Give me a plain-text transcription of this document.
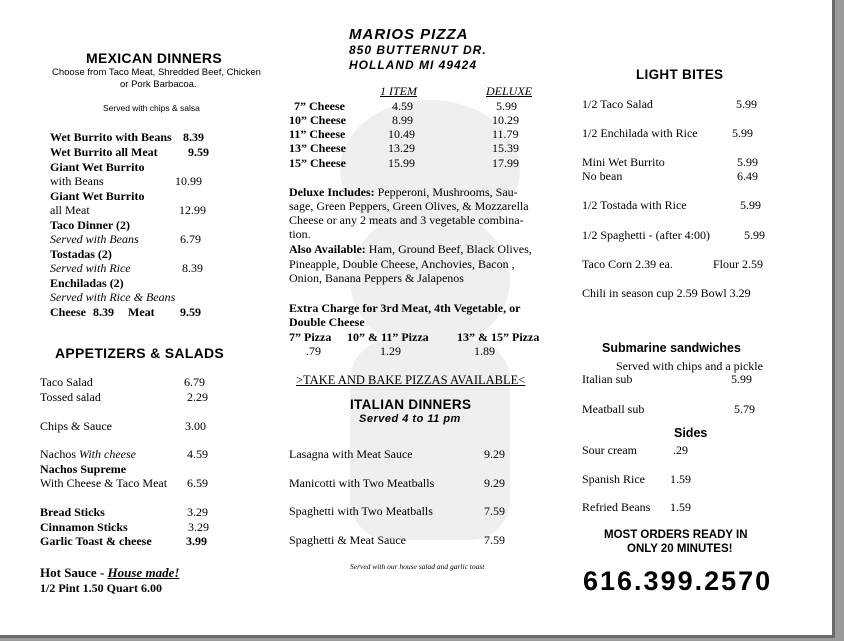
MEXICAN DINNERS
Choose from Taco Meat, Shredded Beef, Chicken
or Pork Barbacoa.
Served with chips & salsa
Wet Burrito with Beans 8.39
Wet Burrito all Meat	9.59
Giant Wet Burrito
with Beans	10.99
Giant Wet Burrito
all Meat	12.99
Taco Dinner (2)
Served with Beans	6.79
Tostadas (2)
Served with Rice	8.39
Enchiladas (2)
Served with Rice & Beans
Cheese 8.39 Meat 9.59
APPETIZERS & SALADS
Taco Salad	6.79
Tossed salad	2.29
Chips & Sauce	3.00
Nachos With cheese	4.59
Nachos Supreme
With Cheese & Taco Meat 6.59
Bread Sticks	3.29
Cinnamon Sticks	3.29
Garlic Toast & cheese	3.99
Hot Sauce - House made!
1/2 Pint 1.50 Quart 6.00
MARIOS PIZZA
850 BUTTERNUT DR.
HOLLAND MI 49424
1 ITEM	DELUXE
7” Cheese	4.59	5.99
10” Cheese	8.99	10.29
11” Cheese	10.49	11.79
13” Cheese	13.29	15.39
15” Cheese	15.99	17.99
Deluxe Includes: Pepperoni, Mushrooms, Sau-
sage, Green Peppers, Green Olives, & Mozzarella
Cheese or any 2 meats and 3 vegetable combina-
tion.
Also Available: Ham, Ground Beef, Black Olives,
Pineapple, Double Cheese, Anchovies, Bacon ,
Onion, Banana Peppers & Jalapenos
Extra Charge for 3rd Meat, 4th Vegetable, or
Double Cheese
7” Pizza 10” & 11” Pizza 13” & 15” Pizza
.79	1.29	1.89
>TAKE AND BAKE PIZZAS AVAILABLE<
ITALIAN DINNERS
Served 4 to 11 pm
Lasagna with Meat Sauce	9.29
Manicotti with Two Meatballs	9.29
Spaghetti with Two Meatballs	7.59
Spaghetti & Meat Sauce	7.59
Served with our house salad and garlic toast
LIGHT BITES
1/2 Taco Salad	5.99
1/2 Enchilada with Rice	5.99
Mini Wet Burrito	5.99
No bean	6.49
1/2 Tostada with Rice	5.99
1/2 Spaghetti - (after 4:00)	5.99
Taco Corn 2.39 ea.	Flour 2.59
Chili in season cup 2.59 Bowl 3.29
Submarine sandwiches
Served with chips and a pickle
Italian sub	5.99
Meatball sub	5.79
Sides
Sour cream	.29
Spanish Rice 1.59
Refried Beans 1.59
MOST ORDERS READY IN
ONLY 20 MINUTES!
616.399.2570
